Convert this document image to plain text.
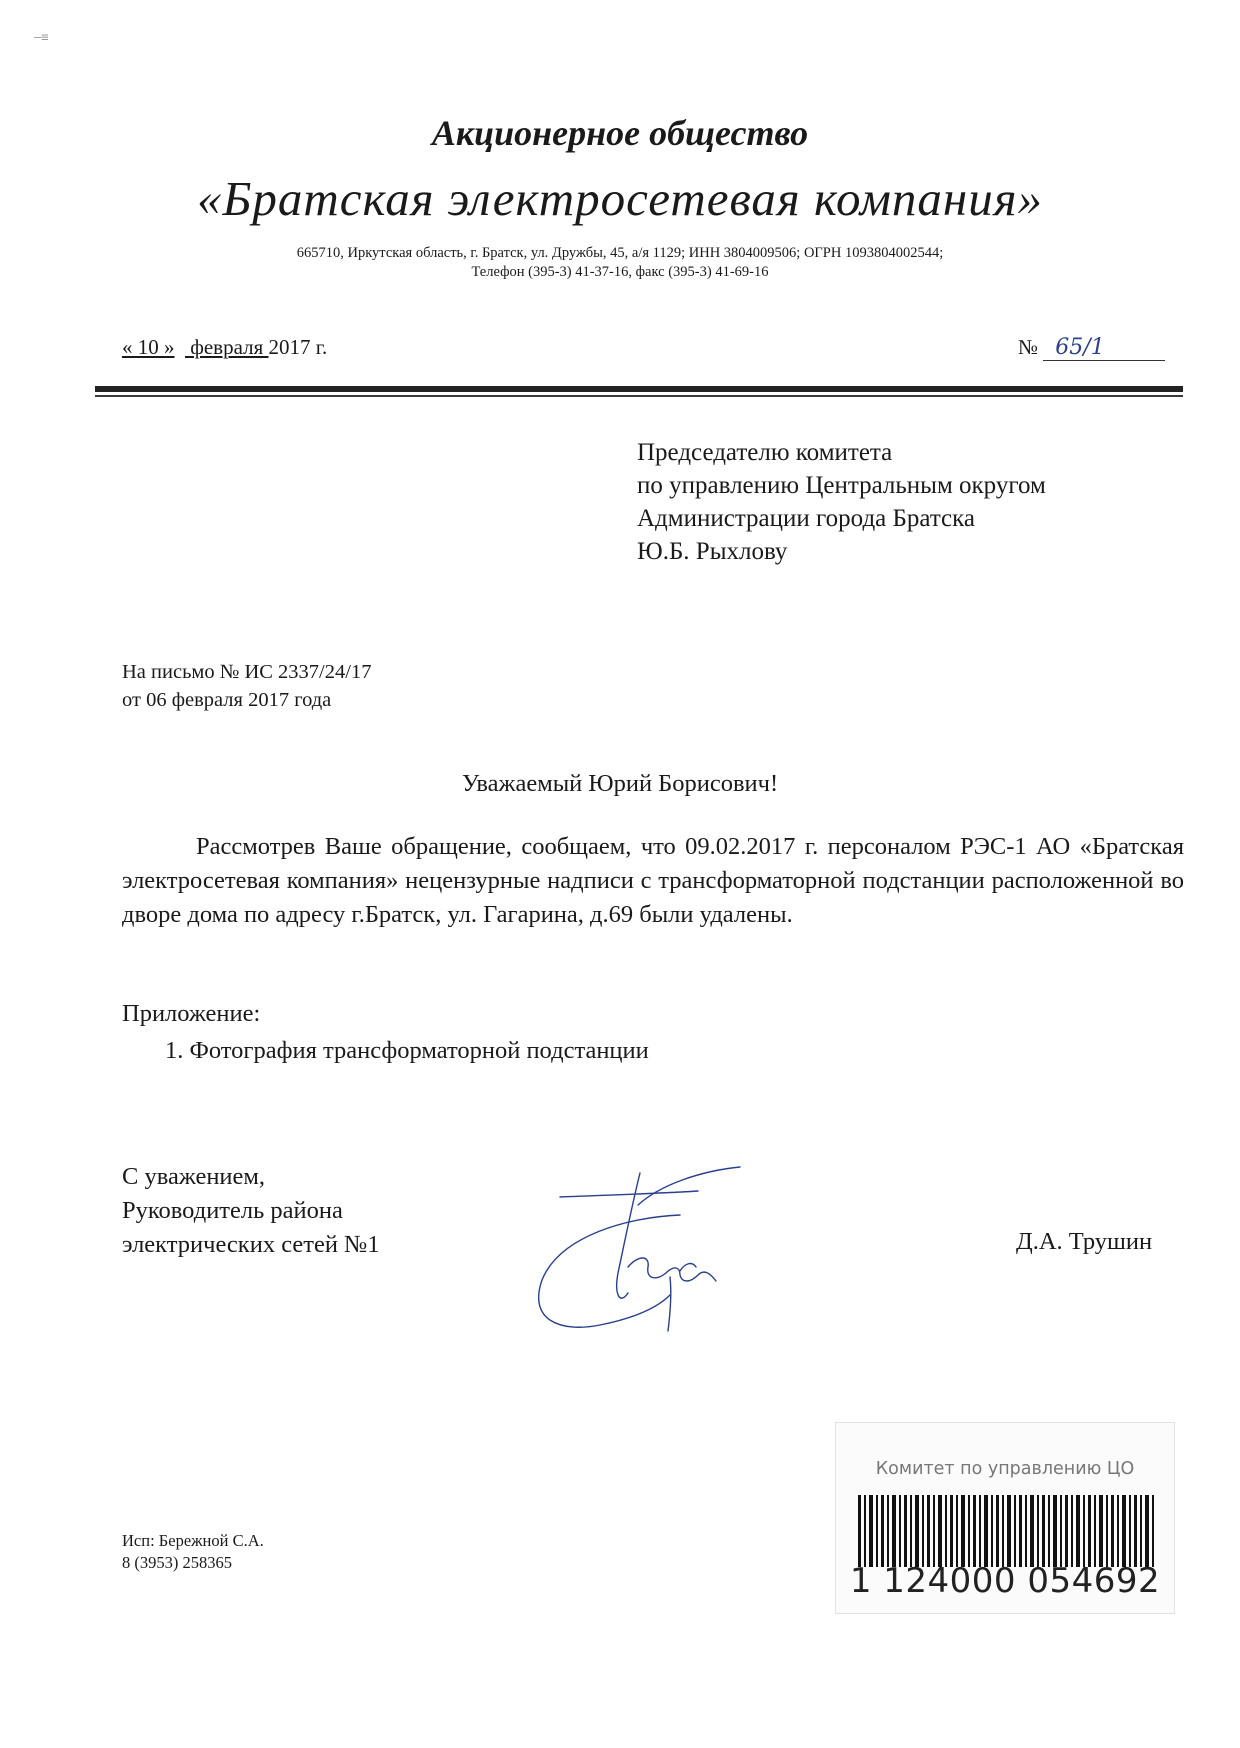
—≡
Акционерное общество
«Братская электросетевая компания»
665710, Иркутская область, г. Братск, ул. Дружбы, 45, а/я 1129; ИНН 3804009506; ОГРН 1093804002544;
Телефон (395-3) 41-37-16, факс (395-3) 41-69-16
« 10 »   февраля 2017 г.	№ 65/1
Председателю комитета
по управлению Центральным округом
Администрации города Братска
Ю.Б. Рыхлову
На письмо № ИС 2337/24/17
от 06 февраля 2017 года
Уважаемый Юрий Борисович!
Рассмотрев Ваше обращение, сообщаем, что 09.02.2017 г. персоналом РЭС-1 АО «Братская электросетевая компания» нецензурные надписи с трансформаторной подстанции расположенной во дворе дома по адресу г.Братск, ул. Гагарина, д.69 были удалены.
Приложение:
1. Фотография трансформаторной подстанции
С уважением,
Руководитель района
электрических сетей №1	Д.А. Трушин
Исп: Бережной С.А.
8 (3953) 258365
Комитет по управлению ЦО
1 124000 054692
